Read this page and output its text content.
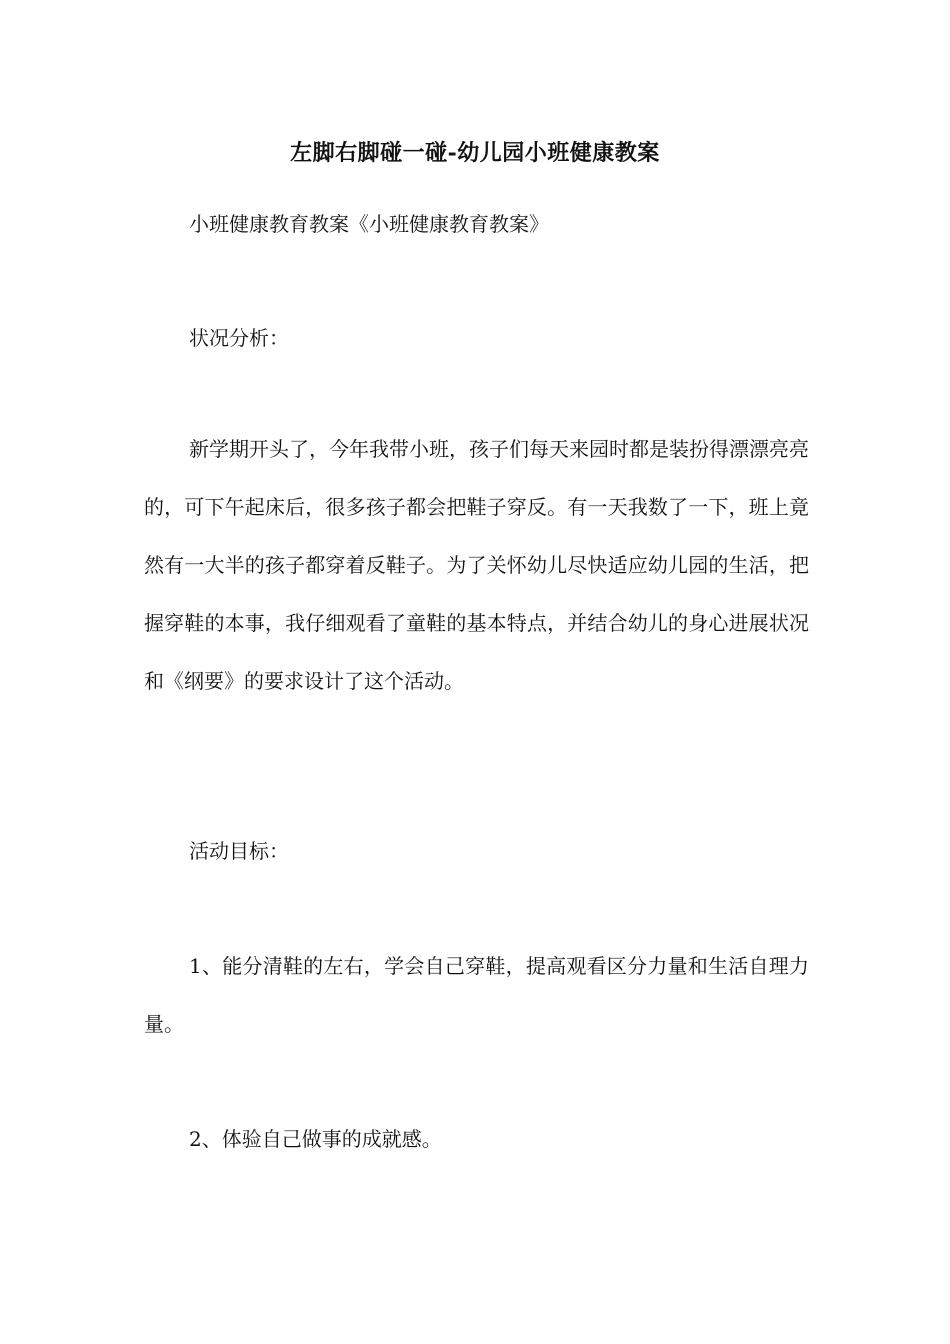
左脚右脚碰一碰-幼儿园小班健康教案
小班健康教育教案《小班健康教育教案》
状况分析：
新学期开头了，今年我带小班，孩子们每天来园时都是装扮得漂漂亮亮的，可下午起床后，很多孩子都会把鞋子穿反。有一天我数了一下，班上竟然有一大半的孩子都穿着反鞋子。为了关怀幼儿尽快适应幼儿园的生活，把握穿鞋的本事，我仔细观看了童鞋的基本特点，并结合幼儿的身心进展状况和《纲要》的要求设计了这个活动。
活动目标：
1、能分清鞋的左右，学会自己穿鞋，提高观看区分力量和生活自理力量。
2、体验自己做事的成就感。
